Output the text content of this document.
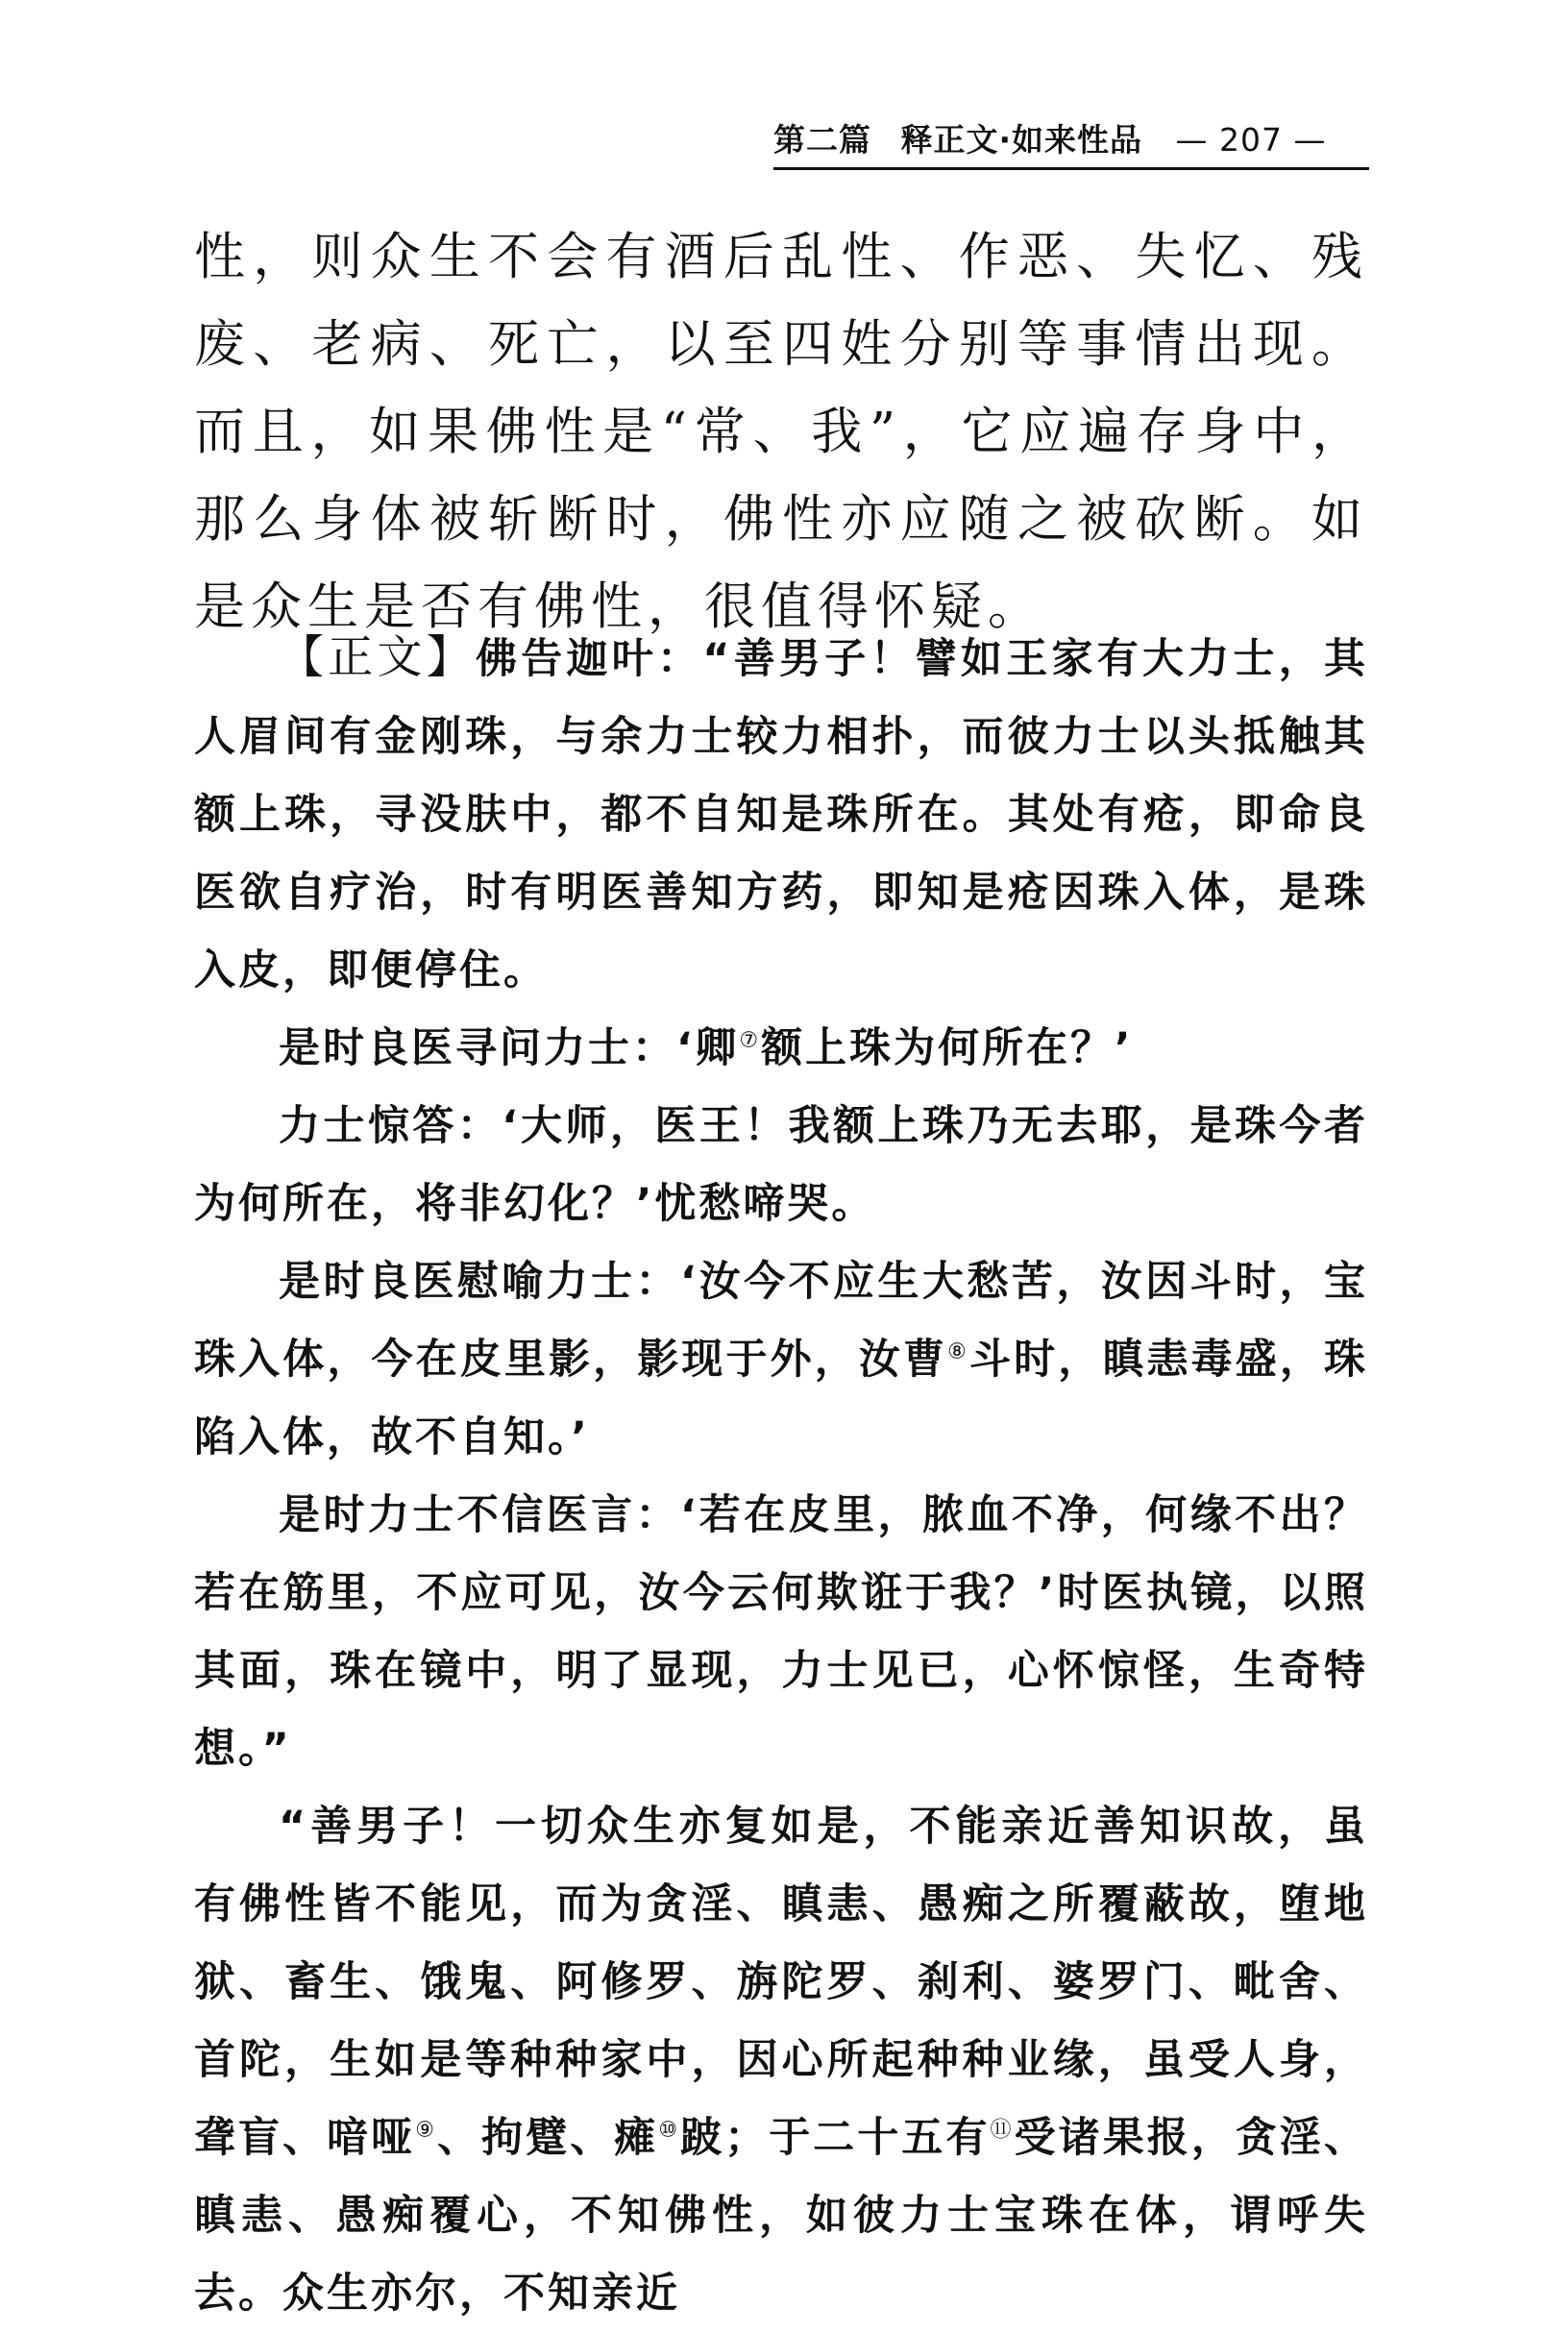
第二篇 释正文·如来性品 — 207 —

性，则众生不会有酒后乱性、作恶、失忆、残废、老病、死亡，以至四姓分别等事情出现。而且，如果佛性是“常、我”，它应遍存身中，那么身体被斩断时，佛性亦应随之被砍断。如是众生是否有佛性，很值得怀疑。

【正文】佛告迦叶：“善男子！譬如王家有大力士，其人眉间有金刚珠，与余力士较力相扑，而彼力士以头抵触其额上珠，寻没肤中，都不自知是珠所在。其处有疮，即命良医欲自疗治，时有明医善知方药，即知是疮因珠入体，是珠入皮，即便停住。

是时良医寻问力士：‘卿⑦额上珠为何所在？’

力士惊答：‘大师，医王！我额上珠乃无去耶，是珠今者为何所在，将非幻化？’忧愁啼哭。

是时良医慰喻力士：‘汝今不应生大愁苦，汝因斗时，宝珠入体，今在皮里影，影现于外，汝曹⑧斗时，瞋恚毒盛，珠陷入体，故不自知。’

是时力士不信医言：‘若在皮里，脓血不净，何缘不出？若在筋里，不应可见，汝今云何欺诳于我？’时医执镜，以照其面，珠在镜中，明了显现，力士见已，心怀惊怪，生奇特想。”

“善男子！一切众生亦复如是，不能亲近善知识故，虽有佛性皆不能见，而为贪淫、瞋恚、愚痴之所覆蔽故，堕地狱、畜生、饿鬼、阿修罗、旃陀罗、刹利、婆罗门、毗舍、首陀，生如是等种种家中，因心所起种种业缘，虽受人身，聋盲、喑哑⑨、拘躄、瘫⑩跛；于二十五有⑪受诸果报，贪淫、瞋恚、愚痴覆心，不知佛性，如彼力士宝珠在体，谓呼失去。众生亦尔，不知亲近
